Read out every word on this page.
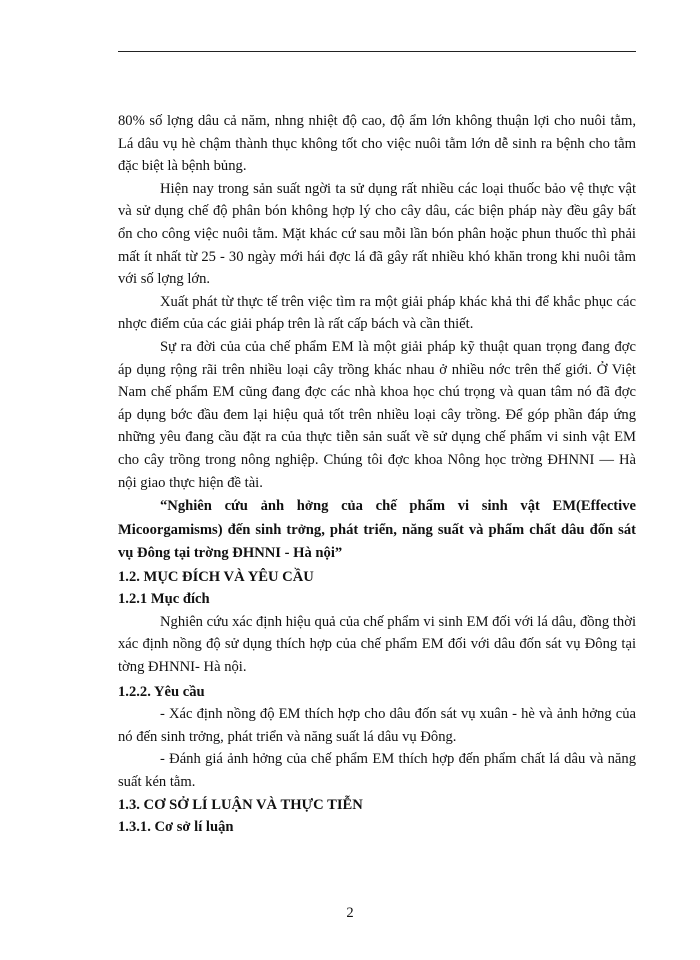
80% số lợng dâu cả năm, nhng nhiệt độ cao, độ ẩm lớn không thuận lợi cho nuôi tằm, Lá dâu vụ hè chậm thành thục không tốt cho việc nuôi tằm lớn dễ sinh ra bệnh cho tằm đặc biệt là bệnh bủng.

Hiện nay trong sản suất ngời ta sử dụng rất nhiều các loại thuốc bảo vệ thực vật và sử dụng chế độ phân bón không hợp lý cho cây dâu, các biện pháp này đều gây bất ổn cho công việc nuôi tằm. Mặt khác cứ sau mỗi lần bón phân hoặc phun thuốc thì phải mất ít nhất từ 25 - 30 ngày mới hái đợc lá đã gây rất nhiều khó khăn trong khi nuôi tằm với số lợng lớn.

Xuất phát từ thực tế trên việc tìm ra một giải pháp khác khả thi để khắc phục các nhợc điểm của các giải pháp trên là rất cấp bách và cần thiết.

Sự ra đời của của chế phẩm EM là một giải pháp kỹ thuật quan trọng đang đợc áp dụng rộng rãi trên nhiều loại cây trồng khác nhau ở nhiều nớc trên thế giới. Ở Việt Nam chế phẩm EM cũng đang đợc các nhà khoa học chú trọng và quan tâm nó đã đợc áp dụng bớc đầu đem lại hiệu quả tốt trên nhiều loại cây trồng. Để góp phần đáp ứng những yêu đang cầu đặt ra của thực tiễn sản suất về sử dụng chế phẩm vi sinh vật EM cho cây trồng trong nông nghiệp. Chúng tôi đợc khoa Nông học trờng ĐHNNI — Hà nội giao thực hiện đề tài.

“Nghiên cứu ảnh hởng của chế phẩm vi sinh vật EM(Effective Micoorgamisms) đến sinh trởng, phát triển, năng suất và phẩm chất dâu đốn sát vụ Đông tại trờng ĐHNNI - Hà nội”

1.2. MỤC ĐÍCH VÀ YÊU CẦU

1.2.1 Mục đích

Nghiên cứu xác định hiệu quả của chế phẩm vi sinh EM đối với lá dâu, đồng thời xác định nồng độ sử dụng thích hợp của chế phẩm EM đối với dâu đốn sát vụ Đông tại tờng ĐHNNI- Hà nội.

1.2.2. Yêu cầu

- Xác định nồng độ EM thích hợp cho dâu đốn sát vụ xuân - hè và ảnh hởng của nó đến sinh trởng, phát triển và năng suất lá dâu vụ Đông.

- Đánh giá ảnh hởng của chế phẩm EM thích hợp đến phẩm chất lá dâu và năng suất kén tằm.

1.3. CƠ SỞ LÍ LUẬN VÀ THỰC TIỄN

1.3.1. Cơ sở lí luận

2
